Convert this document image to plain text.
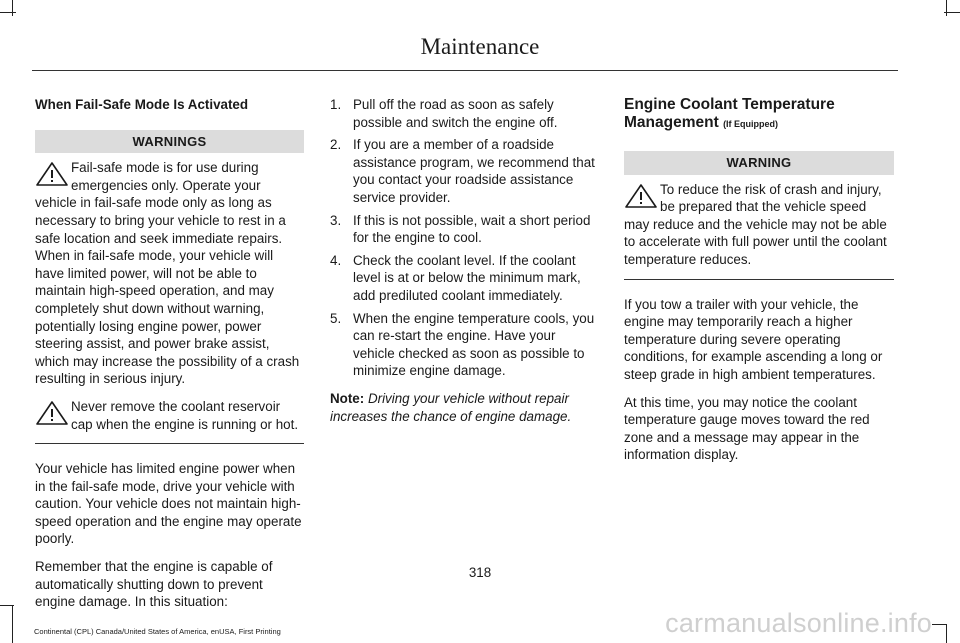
Maintenance
When Fail-Safe Mode Is Activated
WARNINGS

Fail-safe mode is for use during emergencies only. Operate your vehicle in fail-safe mode only as long as necessary to bring your vehicle to rest in a safe location and seek immediate repairs. When in fail-safe mode, your vehicle will have limited power, will not be able to maintain high-speed operation, and may completely shut down without warning, potentially losing engine power, power steering assist, and power brake assist, which may increase the possibility of a crash resulting in serious injury.

Never remove the coolant reservoir cap when the engine is running or hot.

Your vehicle has limited engine power when in the fail-safe mode, drive your vehicle with caution. Your vehicle does not maintain high-speed operation and the engine may operate poorly.

Remember that the engine is capable of automatically shutting down to prevent engine damage. In this situation:

1. Pull off the road as soon as safely possible and switch the engine off.
2. If you are a member of a roadside assistance program, we recommend that you contact your roadside assistance service provider.
3. If this is not possible, wait a short period for the engine to cool.
4. Check the coolant level. If the coolant level is at or below the minimum mark, add prediluted coolant immediately.
5. When the engine temperature cools, you can re-start the engine. Have your vehicle checked as soon as possible to minimize engine damage.

Note: Driving your vehicle without repair increases the chance of engine damage.

Engine Coolant Temperature Management (If Equipped)
WARNING

To reduce the risk of crash and injury, be prepared that the vehicle speed may reduce and the vehicle may not be able to accelerate with full power until the coolant temperature reduces.

If you tow a trailer with your vehicle, the engine may temporarily reach a higher temperature during severe operating conditions, for example ascending a long or steep grade in high ambient temperatures.

At this time, you may notice the coolant temperature gauge moves toward the red zone and a message may appear in the information display.

318
Continental (CPL) Canada/United States of America, enUSA, First Printing	carmanualsonline.info
